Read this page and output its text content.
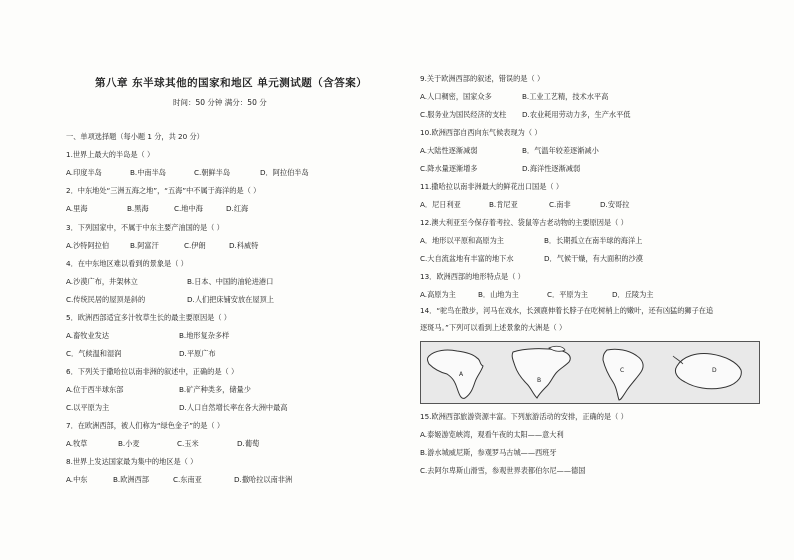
第八章 东半球其他的国家和地区 单元测试题（含答案）
时间：50 分钟 满分：50 分
一、单项选择题（每小题 1 分，共 20 分）
1.世界上最大的半岛是（ ）
A.印度半岛	B.中南半岛	C.朝鲜半岛	D．阿拉伯半岛
2．中东地处“三洲五海之地”，“五海”中不属于海洋的是（ ）
A.里海	B.黑海	C.地中海	D.红海
3．下列国家中，不属于中东主要产油国的是（ ）
A.沙特阿拉伯	B.阿富汗	C.伊朗	D.科威特
4．在中东地区难以看到的景象是（ ）
A.沙漠广布，井架林立	B.日本、中国的油轮进港口
C.传统民居的屋顶是斜的	D.人们把床铺安放在屋顶上
5．欧洲西部适宜多汁牧草生长的最主要原因是（ ）
A.畜牧业发达	B.地形复杂多样
C．气候温和湿润	D.平原广布
6．下列关于撒哈拉以南非洲的叙述中，正确的是（ ）
A.位于西半球东部	B.矿产种类多，储量少
C.以平原为主	D.人口自然增长率在各大洲中最高
7．在欧洲西部，被人们称为“绿色金子”的是（ ）
A.牧草	B.小麦	C.玉米	D.葡萄
8.世界上发达国家最为集中的地区是（ ）
A.中东	B.欧洲西部	C.东南亚	D.撒哈拉以南非洲
9.关于欧洲西部的叙述，错误的是（ ）
A.人口稠密，国家众多	B.工业工艺精，技术水平高
C.服务业为国民经济的支柱	D.农业耗用劳动力多，生产水平低
10.欧洲西部自西向东气候表现为（ ）
A.大陆性逐渐减弱	B．气温年较差逐渐减小
C.降水量逐渐增多	D.海洋性逐渐减弱
11.撒哈拉以南非洲最大的鲜花出口国是（ ）
A．尼日利亚	B.肯尼亚	C.南非	D.安哥拉
12.澳大利亚至今保存着考拉、袋鼠等古老动物的主要原因是（ ）
A．地形以平原和高原为主	B．长期孤立在南半球的海洋上
C.大自流盆地有丰富的地下水	D．气候干燥，有大面积的沙漠
13．欧洲西部的地形特点是（ ）
A.高原为主	B．山地为主	C．平原为主	D．丘陵为主
14．“驼鸟在散步，河马在戏水，长颈鹿伸着长脖子在吃树梢上的嫩叶，还有凶猛的狮子在追
逐斑马。”下列可以看到上述景象的大洲是（ ）
A
B
C	D
15.欧洲西部旅游资源丰富。下列旅游活动的安排，正确的是（ ）
A.泰姬游览峡湾，观看午夜的太阳——意大利
B.游水城威尼斯，参观罗马古城——西班牙
C.去阿尔卑斯山滑雪，参观世界表都伯尔尼——德国
